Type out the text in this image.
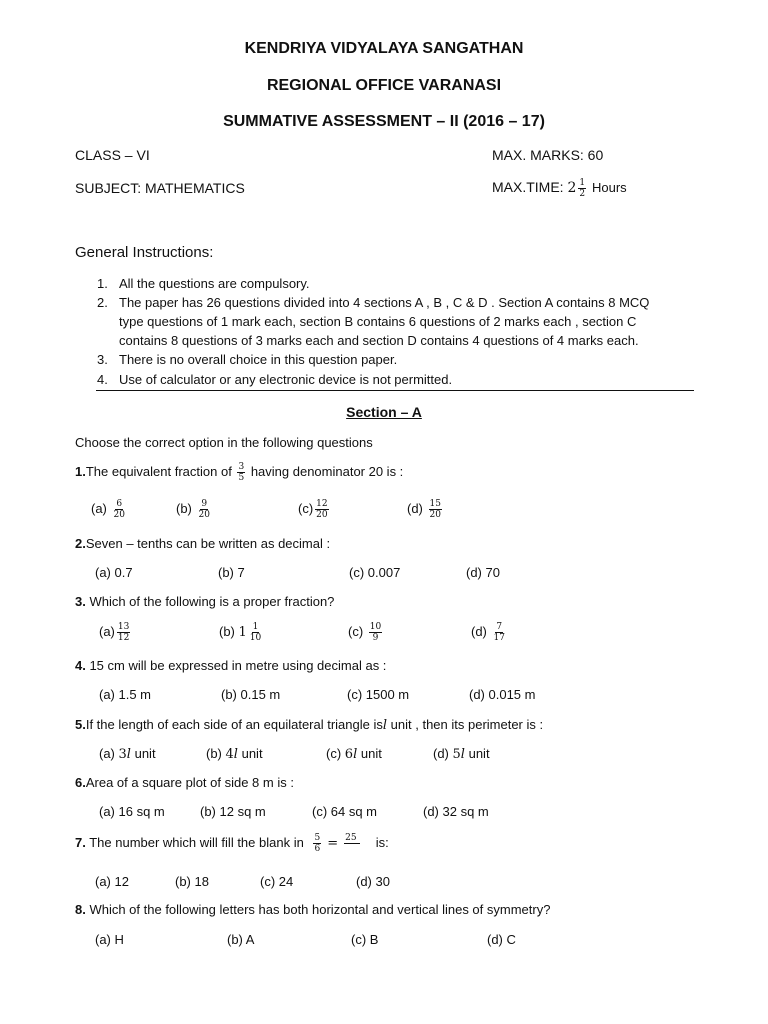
KENDRIYA VIDYALAYA SANGATHAN
REGIONAL OFFICE VARANASI
SUMMATIVE ASSESSMENT – II (2016 – 17)
CLASS – VI	MAX. MARKS: 60
SUBJECT: MATHEMATICS	MAX.TIME: $2 \frac{1}{2}$ Hours
General Instructions:
1. All the questions are compulsory.
2. The paper has 26 questions divided into 4 sections A , B , C & D . Section A contains 8 MCQ
type questions of 1 mark each, section B contains 6 questions of 2 marks each , section C
contains 8 questions of 3 marks each and section D contains 4 questions of 4 marks each.
3. There is no overall choice in this question paper.
4. Use of calculator or any electronic device is not permitted.
Section – A
Choose the correct option in the following questions
1.The equivalent fraction of $\frac{3}{5}$ having denominator 20 is :
$(a) \frac{6}{20}$	$(b) \frac{9}{20}$	$(c) \frac{12}{20}$	$(d) \frac{15}{20}$
2.Seven – tenths can be written as decimal :
(a) 0.7	(b) 7	(c) 0.007	(d) 70
3. Which of the following is a proper fraction?
$(a) \frac{13}{12}$	(b) $1 \frac{1}{10}$	$(c) \frac{10}{9}$	$(d) \frac{7}{17}$
4. 15 cm will be expressed in metre using decimal as :
(a) 1.5 m	(b) 0.15 m	(c) 1500 m	(d) 0.015 m
5.If the length of each side of an equilateral triangle isl unit , then its perimeter is :
(a) 3l unit	(b) 4l unit	(c) 6l unit	(d) 5l unit
6.Area of a square plot of side 8 m is :
(a) 16 sq m	(b) 12 sq m	(c) 64 sq m	(d) 32 sq m
7. The number which will fill the blank in $\frac{5}{6} = 25$ is:
(a) 12	(b) 18	(c) 24	(d) 30
8. Which of the following letters has both horizontal and vertical lines of symmetry?
(a) H	(b) A	(c) B	(d) C
